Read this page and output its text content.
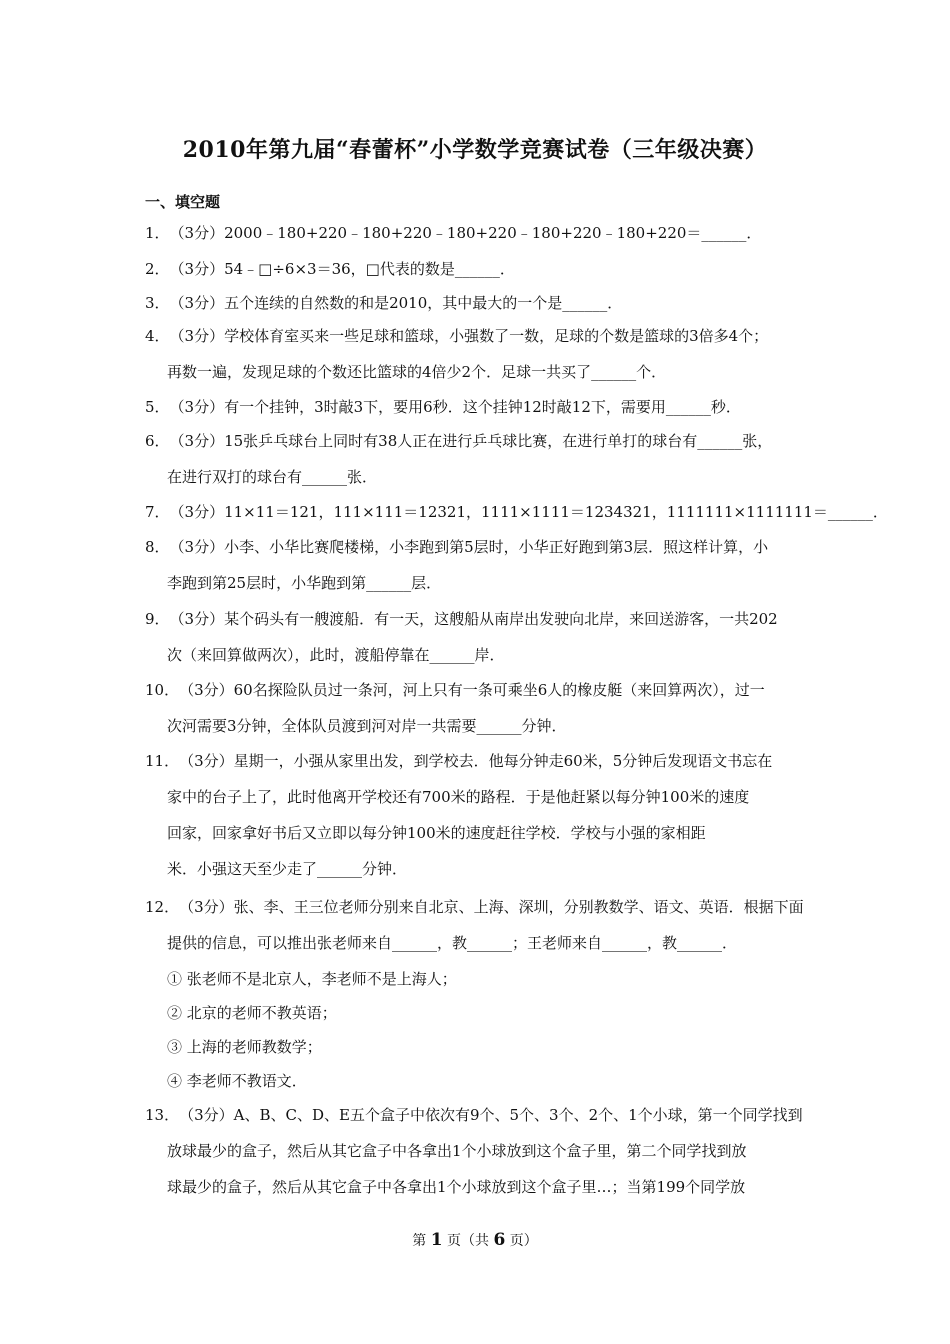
2010年第九届“春蕾杯”小学数学竞赛试卷（三年级决赛）
一、填空题
1．（3分）2000﹣180+220﹣180+220﹣180+220﹣180+220﹣180+220＝______．
2．（3分）54﹣□÷6×3＝36，□代表的数是______．
3．（3分）五个连续的自然数的和是2010，其中最大的一个是______．
4．（3分）学校体育室买来一些足球和篮球，小强数了一数，足球的个数是篮球的3倍多4个；
再数一遍，发现足球的个数还比篮球的4倍少2个．足球一共买了______个．
5．（3分）有一个挂钟，3时敲3下，要用6秒．这个挂钟12时敲12下，需要用______秒．
6．（3分）15张乒乓球台上同时有38人正在进行乒乓球比赛，在进行单打的球台有______张，
在进行双打的球台有______张．
7．（3分）11×11＝121，111×111＝12321，1111×1111＝1234321，1111111×1111111＝______．
8．（3分）小李、小华比赛爬楼梯，小李跑到第5层时，小华正好跑到第3层．照这样计算，小
李跑到第25层时，小华跑到第______层．
9．（3分）某个码头有一艘渡船．有一天，这艘船从南岸出发驶向北岸，来回送游客，一共202
次（来回算做两次），此时，渡船停靠在______岸．
10．（3分）60名探险队员过一条河，河上只有一条可乘坐6人的橡皮艇（来回算两次），过一
次河需要3分钟，全体队员渡到河对岸一共需要______分钟．
11．（3分）星期一，小强从家里出发，到学校去．他每分钟走60米，5分钟后发现语文书忘在
家中的台子上了，此时他离开学校还有700米的路程．于是他赶紧以每分钟100米的速度
回家，回家拿好书后又立即以每分钟100米的速度赶往学校．学校与小强的家相距
米．小强这天至少走了______分钟．
12．（3分）张、李、王三位老师分别来自北京、上海、深圳，分别教数学、语文、英语．根据下面
提供的信息，可以推出张老师来自______，教______；王老师来自______，教______．
① 张老师不是北京人，李老师不是上海人；
② 北京的老师不教英语；
③ 上海的老师教数学；
④ 李老师不教语文．
13．（3分）A、B、C、D、E五个盒子中依次有9个、5个、3个、2个、1个小球，第一个同学找到
放球最少的盒子，然后从其它盒子中各拿出1个小球放到这个盒子里，第二个同学找到放
球最少的盒子，然后从其它盒子中各拿出1个小球放到这个盒子里…；当第199个同学放
第 1 页（共 6 页）
